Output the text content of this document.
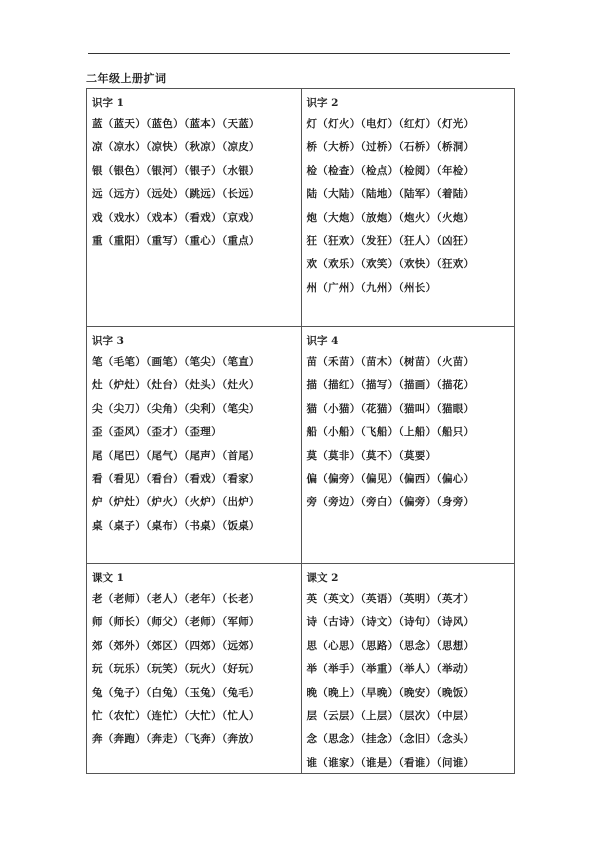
二年级上册扩词
识字 1
蓝（蓝天）（蓝色）（蓝本）（天蓝）
凉（凉水）（凉快）（秋凉）（凉皮）
银（银色）（银河）（银子）（水银）
远（远方）（远处）（跳远）（长远）
戏（戏水）（戏本）（看戏）（京戏）
重（重阳）（重写）（重心）（重点）
识字 2
灯（灯火）（电灯）（红灯）（灯光）
桥（大桥）（过桥）（石桥）（桥洞）
检（检查）（检点）（检阅）（年检）
陆（大陆）（陆地）（陆军）（着陆）
炮（大炮）（放炮）（炮火）（火炮）
狂（狂欢）（发狂）（狂人）（凶狂）
欢（欢乐）（欢笑）（欢快）（狂欢）
州（广州）（九州）（州长）
识字 3
笔（毛笔）（画笔）（笔尖）（笔直）
灶（炉灶）（灶台）（灶头）（灶火）
尖（尖刀）（尖角）（尖利）（笔尖）
歪（歪风）（歪才）（歪理）
尾（尾巴）（尾气）（尾声）（首尾）
看（看见）（看台）（看戏）（看家）
炉（炉灶）（炉火）（火炉）（出炉）
桌（桌子）（桌布）（书桌）（饭桌）
识字 4
苗（禾苗）（苗木）（树苗）（火苗）
描（描红）（描写）（描画）（描花）
猫（小猫）（花猫）（猫叫）（猫眼）
船（小船）（飞船）（上船）（船只）
莫（莫非）（莫不）（莫要）
偏（偏旁）（偏见）（偏西）（偏心）
旁（旁边）（旁白）（偏旁）（身旁）
课文 1
老（老师）（老人）（老年）（长老）
师（师长）（师父）（老师）（军师）
郊（郊外）（郊区）（四郊）（远郊）
玩（玩乐）（玩笑）（玩火）（好玩）
兔（兔子）（白兔）（玉兔）（兔毛）
忙（农忙）（连忙）（大忙）（忙人）
奔（奔跑）（奔走）（飞奔）（奔放）
课文 2
英（英文）（英语）（英明）（英才）
诗（古诗）（诗文）（诗句）（诗风）
思（心思）（思路）（思念）（思想）
举（举手）（举重）（举人）（举动）
晚（晚上）（早晚）（晚安）（晚饭）
层（云层）（上层）（层次）（中层）
念（思念）（挂念）（念旧）（念头）
谁（谁家）（谁是）（看谁）（问谁）
